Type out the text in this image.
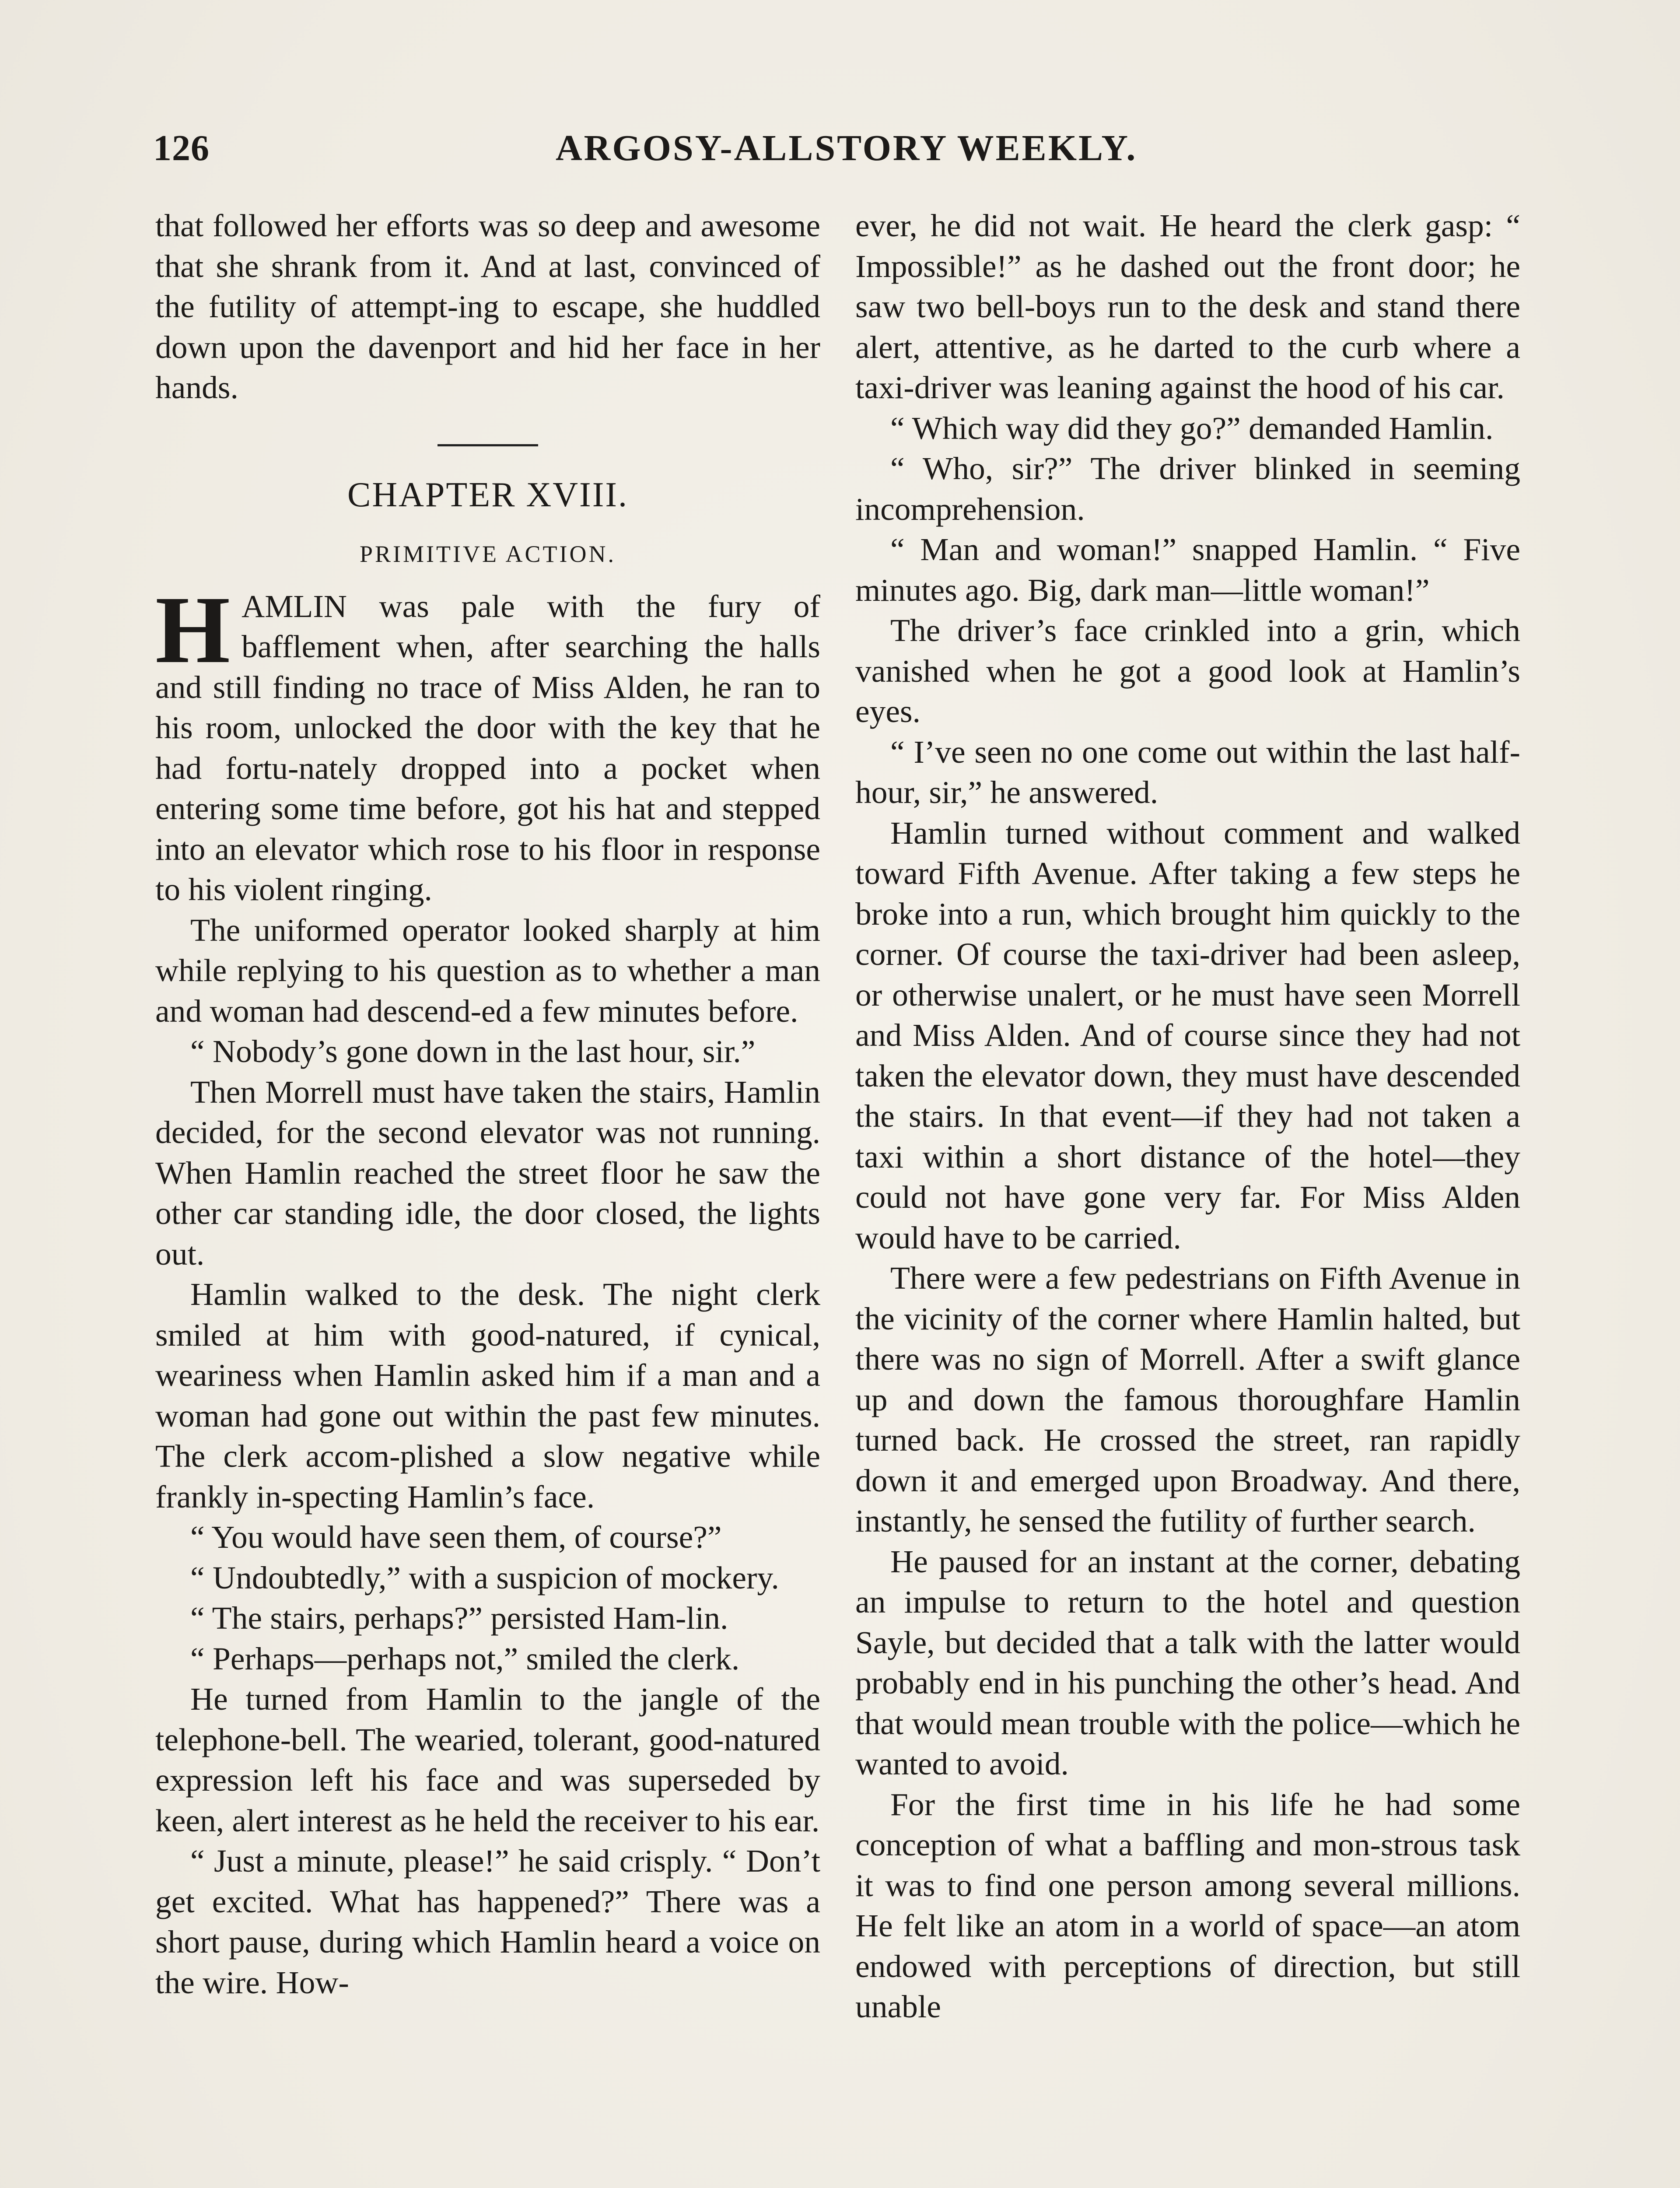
126	ARGOSY-ALLSTORY WEEKLY.

that followed her efforts was so deep and awesome that she shrank from it. And at last, convinced of the futility of attempt-ing to escape, she huddled down upon the davenport and hid her face in her hands.

CHAPTER XVIII.
PRIMITIVE ACTION.

HAMLIN was pale with the fury of bafflement when, after searching the halls and still finding no trace of Miss Alden, he ran to his room, unlocked the door with the key that he had fortu-nately dropped into a pocket when entering some time before, got his hat and stepped into an elevator which rose to his floor in response to his violent ringing.

The uniformed operator looked sharply at him while replying to his question as to whether a man and woman had descend-ed a few minutes before.

“ Nobody’s gone down in the last hour, sir.”

Then Morrell must have taken the stairs, Hamlin decided, for the second elevator was not running. When Hamlin reached the street floor he saw the other car standing idle, the door closed, the lights out.

Hamlin walked to the desk. The night clerk smiled at him with good-natured, if cynical, weariness when Hamlin asked him if a man and a woman had gone out within the past few minutes. The clerk accom-plished a slow negative while frankly in-specting Hamlin’s face.

“ You would have seen them, of course?”

“ Undoubtedly,” with a suspicion of mockery.

“ The stairs, perhaps?” persisted Ham-lin.

“ Perhaps—perhaps not,” smiled the clerk.

He turned from Hamlin to the jangle of the telephone-bell. The wearied, tolerant, good-natured expression left his face and was superseded by keen, alert interest as he held the receiver to his ear.

“ Just a minute, please!” he said crisply. “ Don’t get excited. What has happened?” There was a short pause, during which Hamlin heard a voice on the wire. How-

ever, he did not wait. He heard the clerk gasp: “ Impossible!” as he dashed out the front door; he saw two bell-boys run to the desk and stand there alert, attentive, as he darted to the curb where a taxi-driver was leaning against the hood of his car.

“ Which way did they go?” demanded Hamlin.

“ Who, sir?” The driver blinked in seeming incomprehension.

“ Man and woman!” snapped Hamlin. “ Five minutes ago. Big, dark man—little woman!”

The driver’s face crinkled into a grin, which vanished when he got a good look at Hamlin’s eyes.

“ I’ve seen no one come out within the last half-hour, sir,” he answered.

Hamlin turned without comment and walked toward Fifth Avenue. After taking a few steps he broke into a run, which brought him quickly to the corner. Of course the taxi-driver had been asleep, or otherwise unalert, or he must have seen Morrell and Miss Alden. And of course since they had not taken the elevator down, they must have descended the stairs. In that event—if they had not taken a taxi within a short distance of the hotel—they could not have gone very far. For Miss Alden would have to be carried.

There were a few pedestrians on Fifth Avenue in the vicinity of the corner where Hamlin halted, but there was no sign of Morrell. After a swift glance up and down the famous thoroughfare Hamlin turned back. He crossed the street, ran rapidly down it and emerged upon Broadway. And there, instantly, he sensed the futility of further search.

He paused for an instant at the corner, debating an impulse to return to the hotel and question Sayle, but decided that a talk with the latter would probably end in his punching the other’s head. And that would mean trouble with the police—which he wanted to avoid.

For the first time in his life he had some conception of what a baffling and mon-strous task it was to find one person among several millions. He felt like an atom in a world of space—an atom endowed with perceptions of direction, but still unable
